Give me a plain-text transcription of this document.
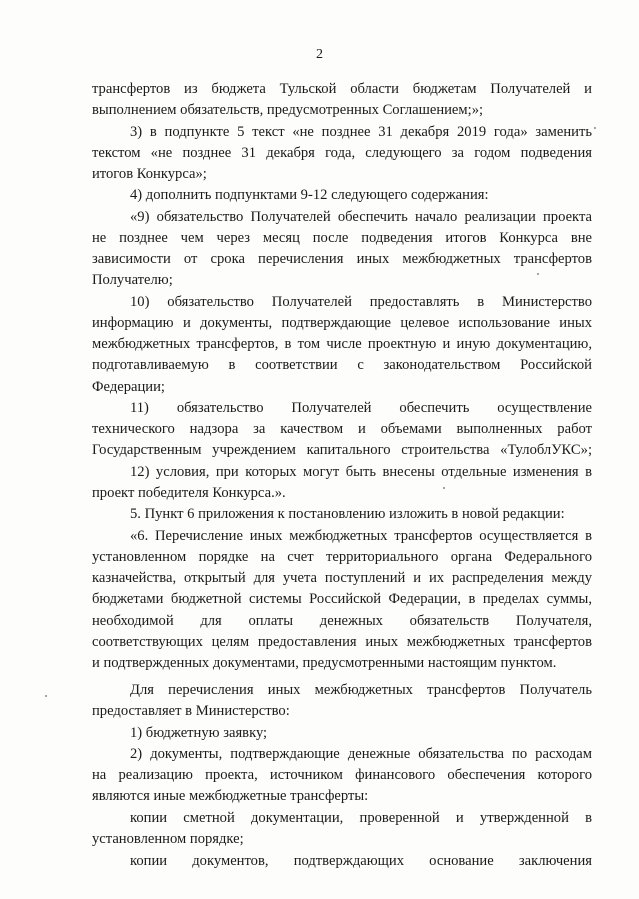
2
трансфертов из бюджета Тульской области бюджетам Получателей и
выполнением обязательств, предусмотренных Соглашением;»;
3) в подпункте 5 текст «не позднее 31 декабря 2019 года» заменить
текстом «не позднее 31 декабря года, следующего за годом подведения
итогов Конкурса»;
4) дополнить подпунктами 9-12 следующего содержания:
«9) обязательство Получателей обеспечить начало реализации проекта
не позднее чем через месяц после подведения итогов Конкурса вне
зависимости от срока перечисления иных межбюджетных трансфертов
Получателю;
10) обязательство Получателей предоставлять в Министерство
информацию и документы, подтверждающие целевое использование иных
межбюджетных трансфертов, в том числе проектную и иную документацию,
подготавливаемую в соответствии с законодательством Российской
Федерации;
11) обязательство Получателей обеспечить осуществление
технического надзора за качеством и объемами выполненных работ
Государственным учреждением капитального строительства «ТулоблУКС»;
12) условия, при которых могут быть внесены отдельные изменения в
проект победителя Конкурса.».
5. Пункт 6 приложения к постановлению изложить в новой редакции:
«6. Перечисление иных межбюджетных трансфертов осуществляется в
установленном порядке на счет территориального органа Федерального
казначейства, открытый для учета поступлений и их распределения между
бюджетами бюджетной системы Российской Федерации, в пределах суммы,
необходимой для оплаты денежных обязательств Получателя,
соответствующих целям предоставления иных межбюджетных трансфертов
и подтвержденных документами, предусмотренными настоящим пунктом.
Для перечисления иных межбюджетных трансфертов Получатель
предоставляет в Министерство:
1) бюджетную заявку;
2) документы, подтверждающие денежные обязательства по расходам
на реализацию проекта, источником финансового обеспечения которого
являются иные межбюджетные трансферты:
копии сметной документации, проверенной и утвержденной в
установленном порядке;
копии документов, подтверждающих основание заключения
